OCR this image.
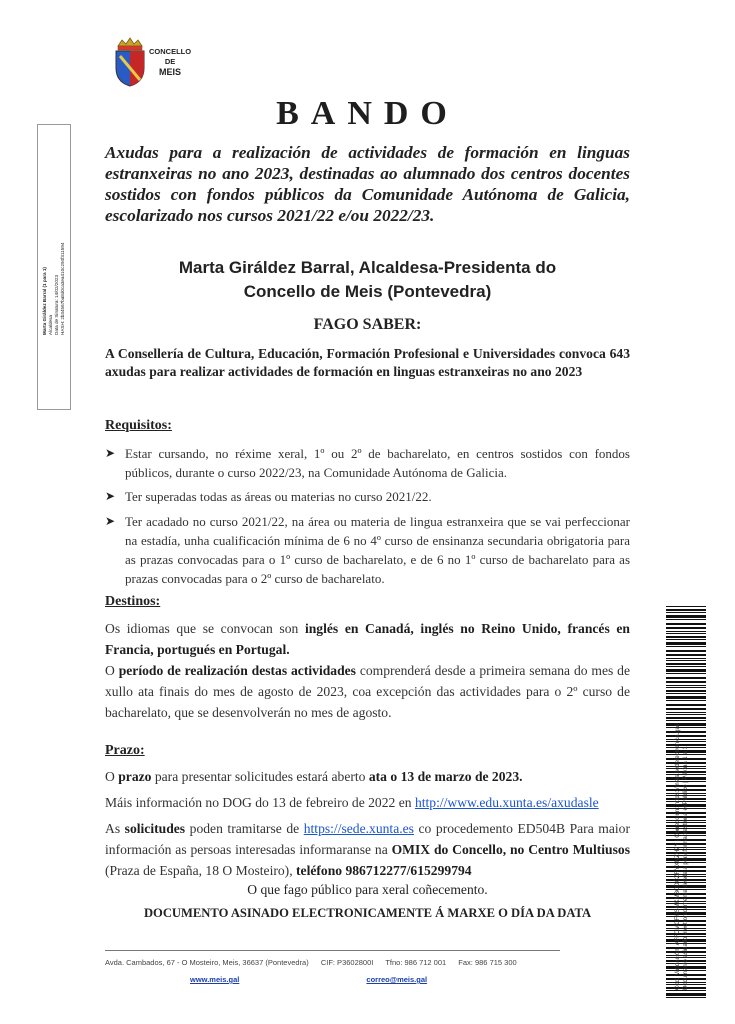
CONCELLO
DE
MEIS
Marta Giráldez Barral (1 para 1) Alcaldesa Data de Sinatura: 14/02/2023 HASH: 2b34567ba8d0ca3ea410c294f311594
BANDO
Axudas para a realización de actividades de formación en linguas estranxeiras no ano 2023, destinadas ao alumnado dos centros docentes sostidos con fondos públicos da Comunidade Autónoma de Galicia, escolarizado nos cursos 2021/22 e/ou 2022/23.
Marta Giráldez Barral, Alcaldesa-Presidenta do
Concello de Meis (Pontevedra)
FAGO SABER:
A Consellería de Cultura, Educación, Formación Profesional e Universidades convoca 643 axudas para realizar actividades de formación en linguas estranxeiras no ano 2023
Requisitos:
➤ Estar cursando, no réxime xeral, 1º ou 2º de bacharelato, en centros sostidos con fondos públicos, durante o curso 2022/23, na Comunidade Autónoma de Galicia.
➤ Ter superadas todas as áreas ou materias no curso 2021/22.
➤ Ter acadado no curso 2021/22, na área ou materia de lingua estranxeira que se vai perfeccionar na estadía, unha cualificación mínima de 6 no 4º curso de ensinanza secundaria obrigatoria para as prazas convocadas para o 1º curso de bacharelato, e de 6 no 1º curso de bacharelato para as prazas convocadas para o 2º curso de bacharelato.
Destinos:
Os idiomas que se convocan son inglés en Canadá, inglés no Reino Unido, francés en Francia, portugués en Portugal.
O período de realización destas actividades comprenderá desde a primeira semana do mes de xullo ata finais do mes de agosto de 2023, coa excepción das actividades para o 2º curso de bacharelato, que se desenvolverán no mes de agosto.
Prazo:
O prazo para presentar solicitudes estará aberto ata o 13 de marzo de 2023.
Máis información no DOG do 13 de febreiro de 2022 en http://www.edu.xunta.es/axudasle
As solicitudes poden tramitarse de https://sede.xunta.es co procedemento ED504B Para maior información as persoas interesadas informaranse na OMIX do Concello, no Centro Multiusos (Praza de España, 18 O Mosteiro), teléfono 986712277/615299794
O que fago público para xeral coñecemento.
DOCUMENTO ASINADO ELECTRONICAMENTE Á MARXE O DÍA DA DATA
Avda. Cambados, 67 - O Mosteiro, Meis, 36637 (Pontevedra) CIF: P3602800I Tfno: 986 712 001 Fax: 986 715 300
www.meis.gal	correo@meis.gal	Cod. Validación: AFFCMCFHSMKM3CDCZRYXNZH2Y | Corrección: https://meis.sedelectronica.gal/ Documento asinado electronicamente desde a plataforma xestiona esPúblico | Páxina 1 a 1
